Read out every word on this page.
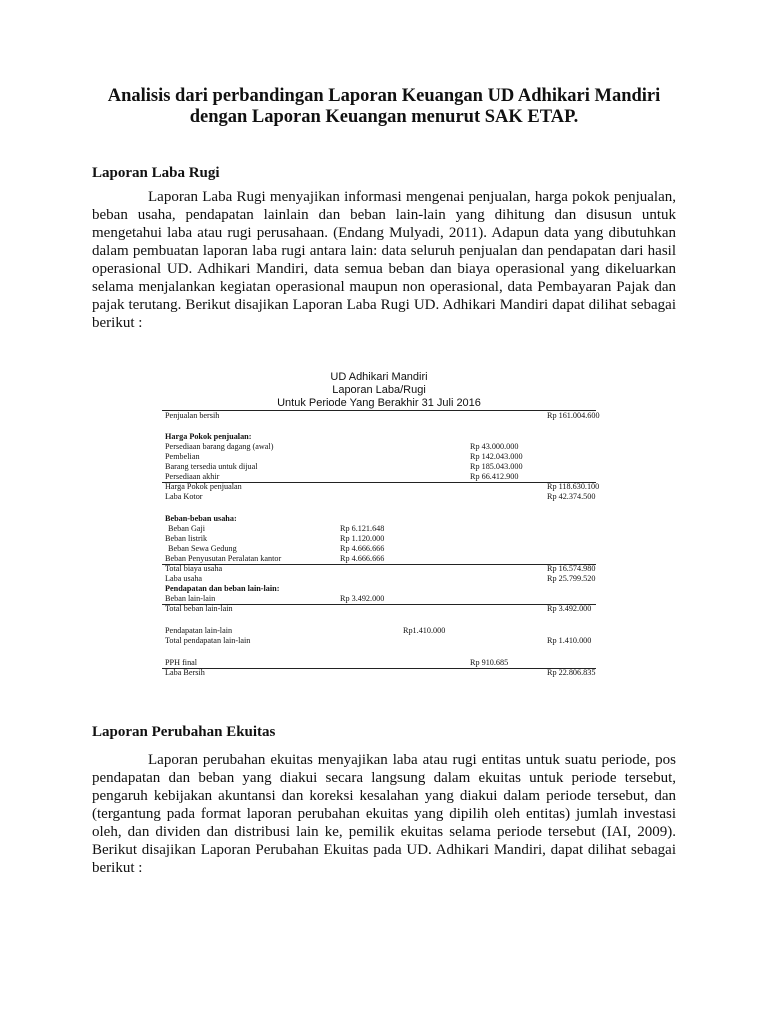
Analisis dari perbandingan Laporan Keuangan UD Adhikari Mandiri
dengan Laporan Keuangan menurut SAK ETAP.
Laporan Laba Rugi

Laporan Laba Rugi menyajikan informasi mengenai penjualan, harga pokok penjualan, beban usaha, pendapatan lainlain dan beban lain-lain yang dihitung dan disusun untuk mengetahui laba atau rugi perusahaan. (Endang Mulyadi, 2011). Adapun data yang dibutuhkan dalam pembuatan laporan laba rugi antara lain: data seluruh penjualan dan pendapatan dari hasil operasional UD. Adhikari Mandiri, data semua beban dan biaya operasional yang dikeluarkan selama menjalankan kegiatan operasional maupun non operasional, data Pembayaran Pajak dan pajak terutang. Berikut disajikan Laporan Laba Rugi UD. Adhikari Mandiri dapat dilihat sebagai berikut :

UD Adhikari Mandiri
Laporan Laba/Rugi
Untuk Periode Yang Berakhir 31 Juli 2016
Penjualan bersih	Rp 161.004.600
Harga Pokok penjualan:
Persediaan barang dagang (awal)	Rp 43.000.000
Pembelian	Rp 142.043.000
Barang tersedia untuk dijual	Rp 185.043.000
Persediaan akhir	Rp 66.412.900
Harga Pokok penjualan	Rp 118.630.100
Laba Kotor	Rp 42.374.500
Beban-beban usaha:
Beban Gaji	Rp 6.121.648
Beban listrik	Rp 1.120.000
Beban Sewa Gedung	Rp 4.666.666
Beban Penyusutan Peralatan kantor	Rp 4.666.666
Total biaya usaha	Rp 16.574.980
Laba usaha	Rp 25.799.520
Pendapatan dan beban lain-lain:
Beban lain-lain	Rp 3.492.000
Total beban lain-lain	Rp 3.492.000
Pendapatan lain-lain	Rp1.410.000
Total pendapatan lain-lain	Rp 1.410.000
PPH final	Rp 910.685
Laba Bersih	Rp 22.806.835
Laporan Perubahan Ekuitas

Laporan perubahan ekuitas menyajikan laba atau rugi entitas untuk suatu periode, pos pendapatan dan beban yang diakui secara langsung dalam ekuitas untuk periode tersebut, pengaruh kebijakan akuntansi dan koreksi kesalahan yang diakui dalam periode tersebut, dan (tergantung pada format laporan perubahan ekuitas yang dipilih oleh entitas) jumlah investasi oleh, dan dividen dan distribusi lain ke, pemilik ekuitas selama periode tersebut (IAI, 2009). Berikut disajikan Laporan Perubahan Ekuitas pada UD. Adhikari Mandiri, dapat dilihat sebagai berikut :
